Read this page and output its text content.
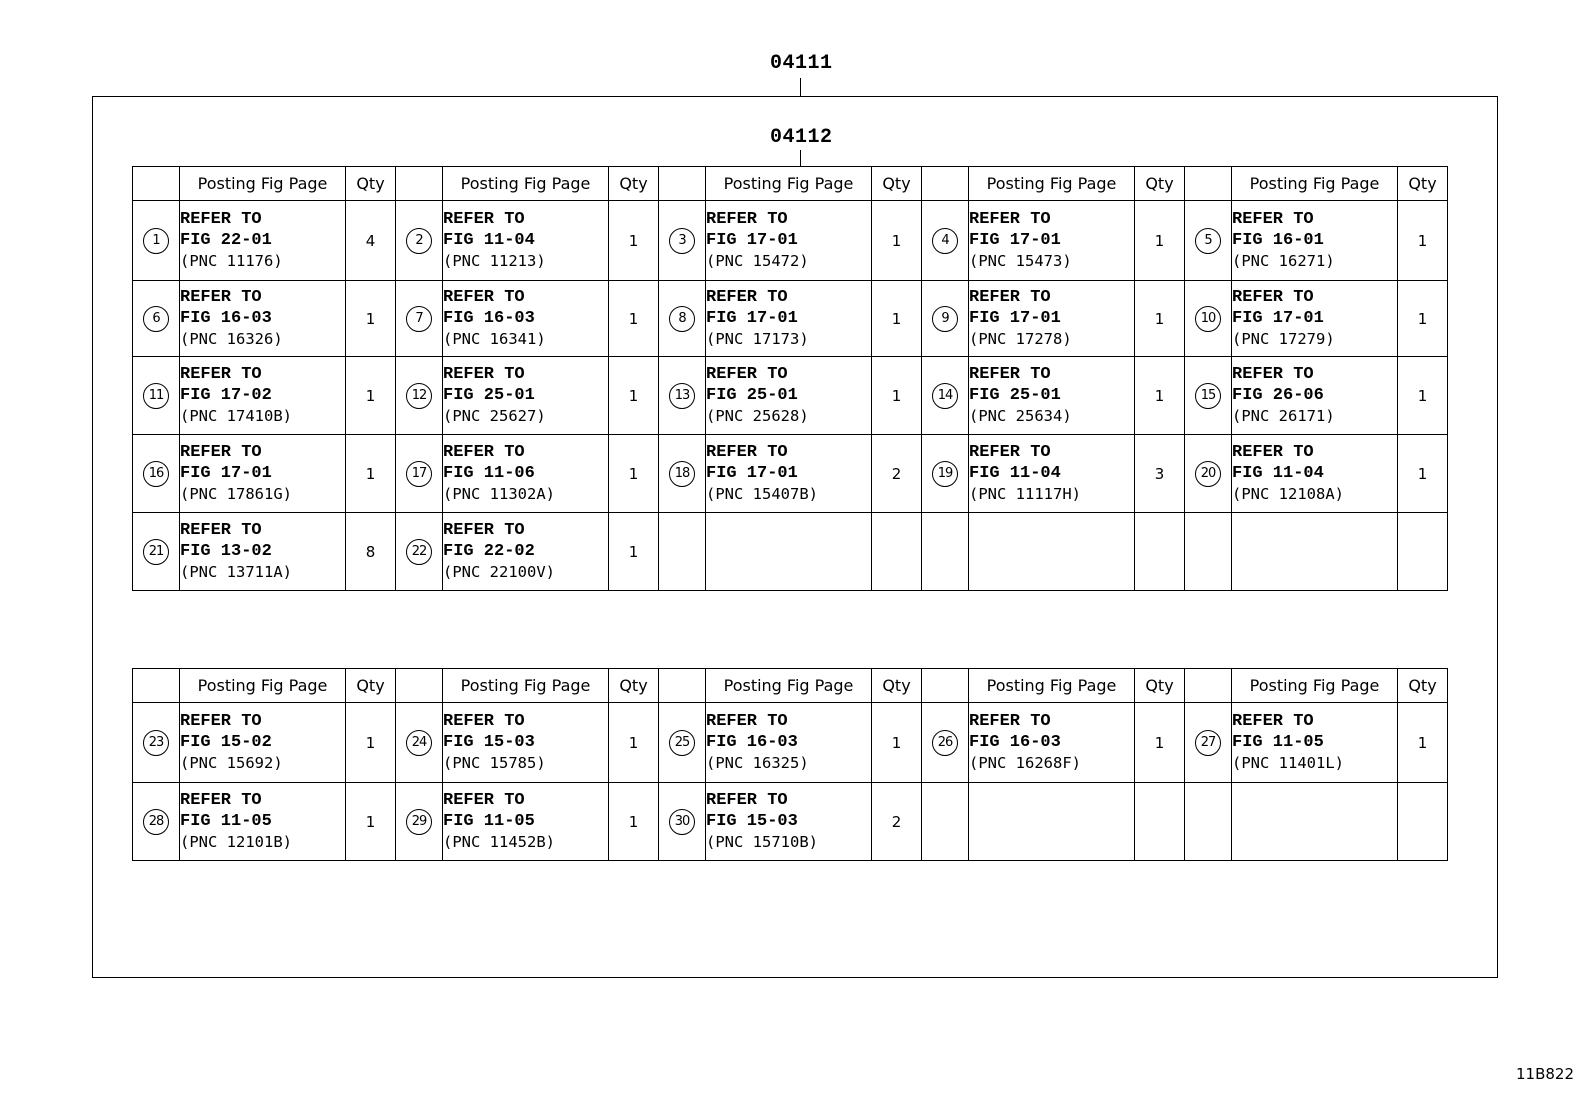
04111
04112
	Posting Fig Page	Qty		Posting Fig Page	Qty		Posting Fig Page	Qty		Posting Fig Page	Qty		Posting Fig Page	Qty
1	REFER TO
FIG 22-01
(PNC 11176)	4	2	REFER TO
FIG 11-04
(PNC 11213)	1	3	REFER TO
FIG 17-01
(PNC 15472)	1	4	REFER TO
FIG 17-01
(PNC 15473)	1	5	REFER TO
FIG 16-01
(PNC 16271)	1
6	REFER TO
FIG 16-03
(PNC 16326)	1	7	REFER TO
FIG 16-03
(PNC 16341)	1	8	REFER TO
FIG 17-01
(PNC 17173)	1	9	REFER TO
FIG 17-01
(PNC 17278)	1	10	REFER TO
FIG 17-01
(PNC 17279)	1
11	REFER TO
FIG 17-02
(PNC 17410B)	1	12	REFER TO
FIG 25-01
(PNC 25627)	1	13	REFER TO
FIG 25-01
(PNC 25628)	1	14	REFER TO
FIG 25-01
(PNC 25634)	1	15	REFER TO
FIG 26-06
(PNC 26171)	1
16	REFER TO
FIG 17-01
(PNC 17861G)	1	17	REFER TO
FIG 11-06
(PNC 11302A)	1	18	REFER TO
FIG 17-01
(PNC 15407B)	2	19	REFER TO
FIG 11-04
(PNC 11117H)	3	20	REFER TO
FIG 11-04
(PNC 12108A)	1
21	REFER TO
FIG 13-02
(PNC 13711A)	8	22	REFER TO
FIG 22-02
(PNC 22100V)	1									
	Posting Fig Page	Qty		Posting Fig Page	Qty		Posting Fig Page	Qty		Posting Fig Page	Qty		Posting Fig Page	Qty
23	REFER TO
FIG 15-02
(PNC 15692)	1	24	REFER TO
FIG 15-03
(PNC 15785)	1	25	REFER TO
FIG 16-03
(PNC 16325)	1	26	REFER TO
FIG 16-03
(PNC 16268F)	1	27	REFER TO
FIG 11-05
(PNC 11401L)	1
28	REFER TO
FIG 11-05
(PNC 12101B)	1	29	REFER TO
FIG 11-05
(PNC 11452B)	1	30	REFER TO
FIG 15-03
(PNC 15710B)	2						
11B822
